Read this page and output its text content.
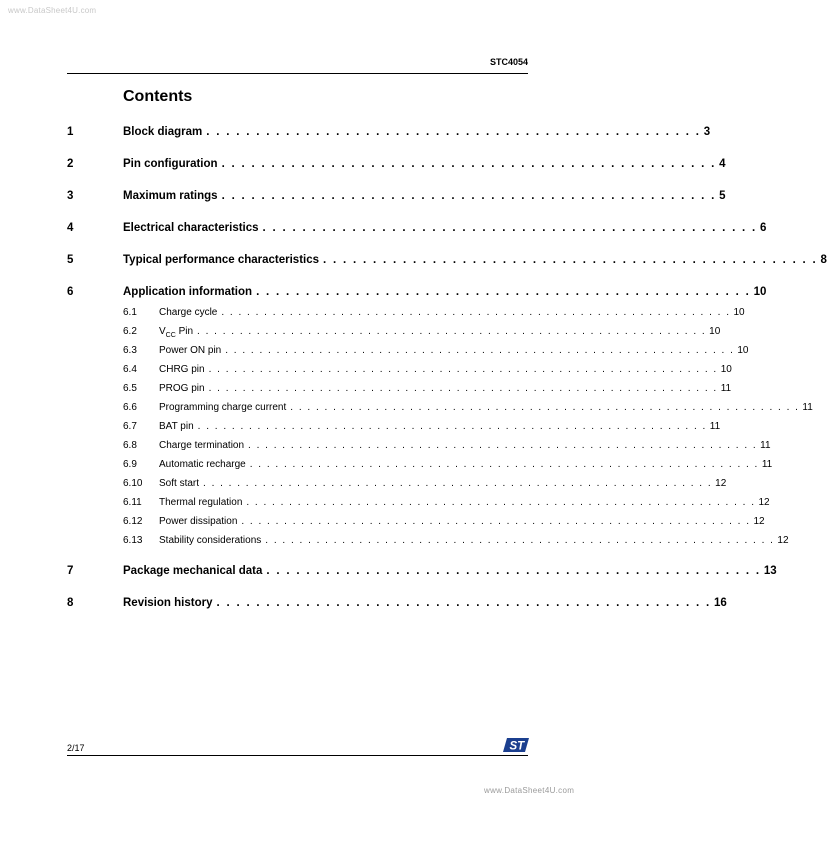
www.DataSheet4U.com
STC4054
Contents
1	Block diagram . . . . . . . . . . . . . . . . . . . . . . . . . . . . . . . . . . . . . . . . . . . . . . . . . . 3
2	Pin configuration . . . . . . . . . . . . . . . . . . . . . . . . . . . . . . . . . . . . . . . . . . . . . . . . . . 4
3	Maximum ratings . . . . . . . . . . . . . . . . . . . . . . . . . . . . . . . . . . . . . . . . . . . . . . . . . . 5
4	Electrical characteristics . . . . . . . . . . . . . . . . . . . . . . . . . . . . . . . . . . . . . . . . . . . . . . . . . . 6
5	Typical performance characteristics . . . . . . . . . . . . . . . . . . . . . . . . . . . . . . . . . . . . . . . . . . . . . . . . . . 8
6	Application information . . . . . . . . . . . . . . . . . . . . . . . . . . . . . . . . . . . . . . . . . . . . . . . . . . 10
6.1 Charge cycle . . . . . . . . . . . . . . . . . . . . . . . . . . . . . . . . . . . . . . . . . . . . . . . . . . . . . . . . . . . . 10
6.2 $V_{CC}$ Pin . . . . . . . . . . . . . . . . . . . . . . . . . . . . . . . . . . . . . . . . . . . . . . . . . . . . . . . . . . . . 10
6.3 Power ON pin . . . . . . . . . . . . . . . . . . . . . . . . . . . . . . . . . . . . . . . . . . . . . . . . . . . . . . . . . . . . 10
6.4 CHRG pin . . . . . . . . . . . . . . . . . . . . . . . . . . . . . . . . . . . . . . . . . . . . . . . . . . . . . . . . . . . . 10
6.5 PROG pin . . . . . . . . . . . . . . . . . . . . . . . . . . . . . . . . . . . . . . . . . . . . . . . . . . . . . . . . . . . . 11
6.6 Programming charge current . . . . . . . . . . . . . . . . . . . . . . . . . . . . . . . . . . . . . . . . . . . . . . . . . . . . . . . . . . . . 11
6.7 BAT pin . . . . . . . . . . . . . . . . . . . . . . . . . . . . . . . . . . . . . . . . . . . . . . . . . . . . . . . . . . . . 11
6.8 Charge termination . . . . . . . . . . . . . . . . . . . . . . . . . . . . . . . . . . . . . . . . . . . . . . . . . . . . . . . . . . . . 11
6.9 Automatic recharge . . . . . . . . . . . . . . . . . . . . . . . . . . . . . . . . . . . . . . . . . . . . . . . . . . . . . . . . . . . . 11
6.10 Soft start . . . . . . . . . . . . . . . . . . . . . . . . . . . . . . . . . . . . . . . . . . . . . . . . . . . . . . . . . . . . 12
6.11 Thermal regulation . . . . . . . . . . . . . . . . . . . . . . . . . . . . . . . . . . . . . . . . . . . . . . . . . . . . . . . . . . . . 12
6.12 Power dissipation . . . . . . . . . . . . . . . . . . . . . . . . . . . . . . . . . . . . . . . . . . . . . . . . . . . . . . . . . . . . 12
6.13 Stability considerations . . . . . . . . . . . . . . . . . . . . . . . . . . . . . . . . . . . . . . . . . . . . . . . . . . . . . . . . . . . . 12
7	Package mechanical data . . . . . . . . . . . . . . . . . . . . . . . . . . . . . . . . . . . . . . . . . . . . . . . . . . 13
8	Revision history . . . . . . . . . . . . . . . . . . . . . . . . . . . . . . . . . . . . . . . . . . . . . . . . . . 16
2/17	ST
www.DataSheet4U.com
